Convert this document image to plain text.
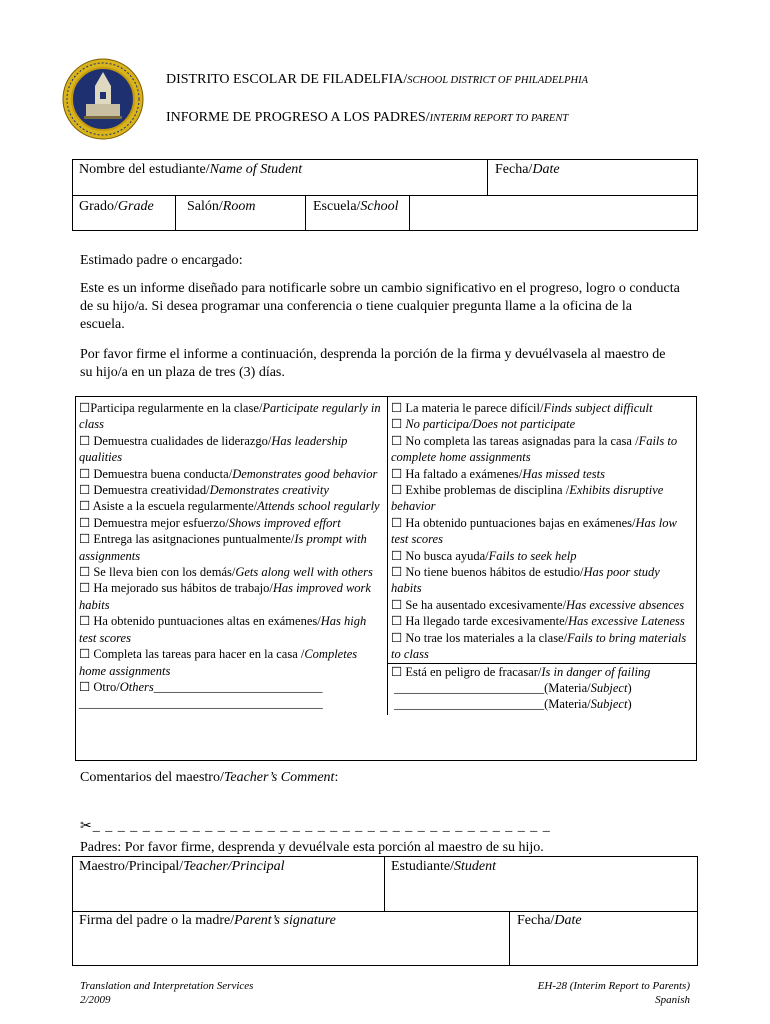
DISTRITO ESCOLAR DE FILADELFIA/SCHOOL DISTRICT OF PHILADELPHIA
INFORME DE PROGRESO A LOS PADRES/INTERIM REPORT TO PARENT
Nombre del estudiante/Name of Student	Fecha/Date
Grado/Grade Salón/Room	Escuela/School
Estimado padre o encargado:
Este es un informe diseñado para notificarle sobre un cambio significativo en el progreso, logro o conducta de su hijo/a. Si desea programar una conferencia o tiene cualquier pregunta llame a la oficina de la escuela.
Por favor firme el informe a continuación, desprenda la porción de la firma y devuélvasela al maestro de su hijo/a en un plaza de tres (3) días.
☐Participa regularmente en la clase/Participate regularly in class
☐ Demuestra cualidades de liderazgo/Has leadership qualities
☐ Demuestra buena conducta/Demonstrates good behavior
☐ Demuestra creatividad/Demonstrates creativity
☐ Asiste a la escuela regularmente/Attends school regularly
☐ Demuestra mejor esfuerzo/Shows improved effort
☐ Entrega las asitgnaciones puntualmente/Is prompt with assignments
☐ Se lleva bien con los demás/Gets along well with others
☐ Ha mejorado sus hábitos de trabajo/Has improved work habits
☐ Ha obtenido puntuaciones altas en exámenes/Has high test scores
☐ Completa las tareas para hacer en la casa /Completes home assignments
☐ Otro/Others___________________________
_______________________________________
☐ La materia le parece difícil/Finds subject difficult
☐ No participa/Does not participate
☐ No completa las tareas asignadas para la casa /Fails to complete home assignments
☐ Ha faltado a exámenes/Has missed tests
☐ Exhibe problemas de disciplina /Exhibits disruptive behavior
☐ Ha obtenido puntuaciones bajas en exámenes/Has low test scores
☐ No busca ayuda/Fails to seek help
☐ No tiene buenos hábitos de estudio/Has poor study habits
☐ Se ha ausentado excesivamente/Has excessive absences
☐ Ha llegado tarde excesivamente/Has excessive Lateness
☐ No trae los materiales a la clase/Fails to bring materials to class
☐ Está en peligro de fracasar/Is in danger of failing
________________________(Materia/Subject)
________________________(Materia/Subject)
Comentarios del maestro/Teacher’s Comment:
✂_ _ _ _ _ _ _ _ _ _ _ _ _ _ _ _ _ _ _ _ _ _ _ _ _ _ _ _ _ _ _ _ _ _ _ _ _
Padres: Por favor firme, desprenda y devuélvale esta porción al maestro de su hijo.
Maestro/Principal/Teacher/Principal	Estudiante/Student
Firma del padre o la madre/Parent’s signature	Fecha/Date
Translation and Interpretation Services
2/2009
EH-28 (Interim Report to Parents)
Spanish
